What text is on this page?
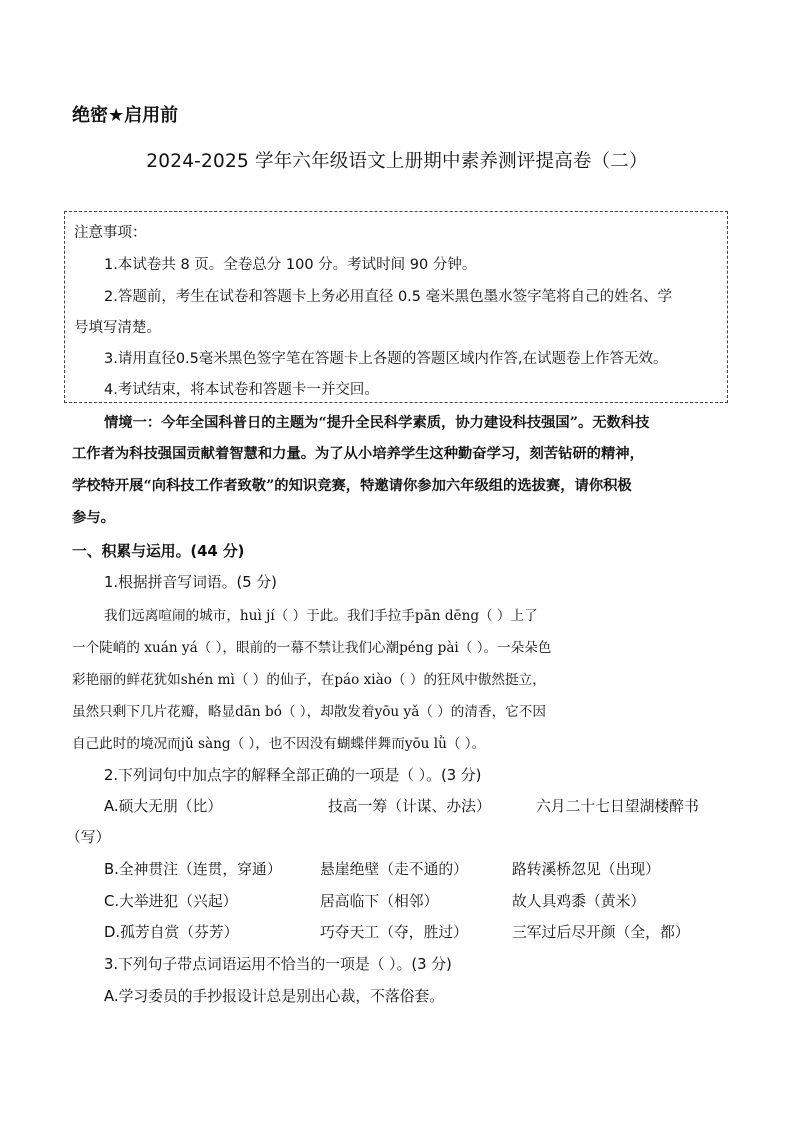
绝密★启用前
2024-2025 学年六年级语文上册期中素养测评提高卷（二）
注意事项：
1.本试卷共 8 页。全卷总分 100 分。考试时间 90 分钟。
2.答题前，考生在试卷和答题卡上务必用直径 0.5 毫米黑色墨水签字笔将自己的姓名、学
号填写清楚。
3.请用直径0.5毫米黑色签字笔在答题卡上各题的答题区域内作答,在试题卷上作答无效。
4.考试结束，将本试卷和答题卡一并交回。
情境一：今年全国科普日的主题为“提升全民科学素质，协力建设科技强国”。无数科技
工作者为科技强国贡献着智慧和力量。为了从小培养学生这种勤奋学习，刻苦钻研的精神，
学校特开展“向科技工作者致敬”的知识竞赛，特邀请你参加六年级组的选拔赛，请你积极
参与。
一、积累与运用。(44 分)
1.根据拼音写词语。(5 分)
我们远离喧闹的城市，huì jí（ ）于此。我们手拉手pān dēng（ ）上了
一个陡峭的 xuán yá（ ），眼前的一幕不禁让我们心潮péng pài（ ）。一朵朵色
彩艳丽的鲜花犹如shén mì（ ）的仙子，在páo xiào（ ）的狂风中傲然挺立，
虽然只剩下几片花瓣，略显dān bó（ ），却散发着yōu yǎ（ ）的清香，它不因
自己此时的境况而jǔ sàng（ ），也不因没有蝴蝶伴舞而yōu lǜ（ ）。
2.下列词句中加点字的解释全部正确的一项是（ ）。(3 分)
A.硕大无朋（比）	技高一筹（计谋、办法）	六月二十七日望湖楼醉书
（写）
B.全神贯注（连贯，穿通）	悬崖绝壁（走不通的）	路转溪桥忽见（出现）
C.大举进犯（兴起）	居高临下（相邻）	故人具鸡黍（黄米）
D.孤芳自赏（芬芳）	巧夺天工（夺，胜过）	三军过后尽开颜（全，都）
3.下列句子带点词语运用不恰当的一项是（ ）。(3 分)
A.学习委员的手抄报设计总是别出心裁，不落俗套。
